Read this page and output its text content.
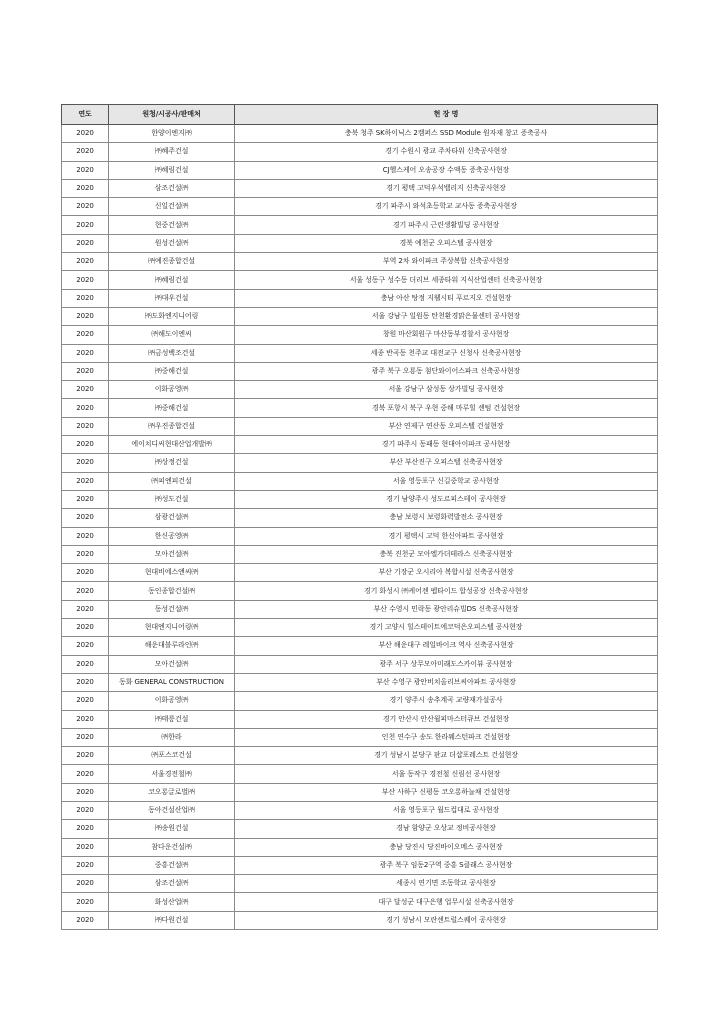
연도	원청/시공사/판매처	현 장 명
2020	한양이엔지㈜	충북 청주 SK하이닉스 2캠퍼스 SSD Module 원자재 창고 증축공사
2020	㈜혜주건설	경기 수원시 광교 주차타워 신축공사현장
2020	㈜혜림건설	CJ헬스케어 오송공장 수액동 증축공사현장
2020	삼조건설㈜	경기 평택 고덕우석밸리지 신축공사현장
2020	신일건설㈜	경기 파주시 와석초등학교 교사동 증축공사현장
2020	현중건설㈜	경기 파주시 근린생활빌딩 공사현장
2020	원성건설㈜	경북 예천군 오피스텔 공사현장
2020	㈜예진종합건설	부역 2차 와이파크 주상복합 신축공사현장
2020	㈜혜림건설	서울 성동구 성수동 더리브 세종타워 지식산업센터 신축공사현장
2020	㈜대우건설	충남 아산 탕정 지웰시티 푸르지오 건설현장
2020	㈜도화엔지니어링	서울 강남구 일원동 탄천환경맑은물센터 공사현장
2020	㈜해도이엔씨	창원 마산회원구 마산동부경찰서 공사현장
2020	㈜금성백조건설	세종 반곡동 천주교 대전교구 신청사 신축공사현장
2020	㈜중해건설	광주 북구 오룡동 첨단와이어스파크 신축공사현장
2020	이화공영㈜	서울 강남구 삼성동 상가빌딩 공사현장
2020	㈜중해건설	경북 포항시 북구 우현 중해 마루힐 센텀 건설현장
2020	㈜우진종합건설	부산 연제구 연산동 오피스텔 건설현장
2020	에이치디씨현대산업개발㈜	경기 파주시 동패동 현대아이파크 공사현장
2020	㈜상정건설	부산 부산진구 오피스텔 신축공사현장
2020	㈜피엔피건설	서울 영등포구 신길중학교 공사현장
2020	㈜성도건설	경기 남양주시 성도르피스테이 공사현장
2020	삼광건설㈜	충남 보령시 보령화력발전소 공사현장
2020	한신공영㈜	경기 평택시 고덕 한신아파트 공사현장
2020	모아건설㈜	충북 진천군 모아엘가더테라스 신축공사현장
2020	현대비에스앤씨㈜	부산 기장군 오시리아 복합시설 신축공사현장
2020	동인종합건설㈜	경기 화성시 ㈜케어젠 펩타이드 합성공장 신축공사현장
2020	동성건설㈜	부산 수영시 민락동 광안리슈빌DS 신축공사현장
2020	현대엔지니어링㈜	경기 고양시 힐스테이트에코덕은오피스텔 공사현장
2020	해운대블루라인㈜	부산 해운대구 레일바이크 역사 신축공사현장
2020	모아건설㈜	광주 서구 상무모아미래도스카이뷰 공사현장
2020	동화 GENERAL CONSTRUCTION	부산 수영구 광안비치올리브씨아파트 공사현장
2020	이화공영㈜	경기 양주시 송추계곡 교량재가설공사
2020	㈜태릉건설	경기 안산시 안산월피마스터큐브 건설현장
2020	㈜한라	인천 연수구 송도 한라웨스턴파크 건설현장
2020	㈜포스코건설	경기 성남시 분당구 판교 더샵포레스트 건설현장
2020	서울경전철㈜	서울 동작구 경전철 신림선 공사현장
2020	코오롱글로벌㈜	부산 사하구 신평동 코오롱하늘채 건설현장
2020	동아건설산업㈜	서울 영등포구 월드컵대로 공사현장
2020	㈜송원건설	경남 함양군 오상교 정비공사현장
2020	참다운건설㈜	충남 당진시 당진바이오메스 공사현장
2020	중흥건설㈜	광주 북구 임동2구역 중흥 S클래스 공사현장
2020	삼조건설㈜	세종시 연기면 조동학교 공사현장
2020	화성산업㈜	대구 달성군 대구은행 업무시설 신축공사현장
2020	㈜다원건설	경기 성남시 모란센트럴스퀘어 공사현장
